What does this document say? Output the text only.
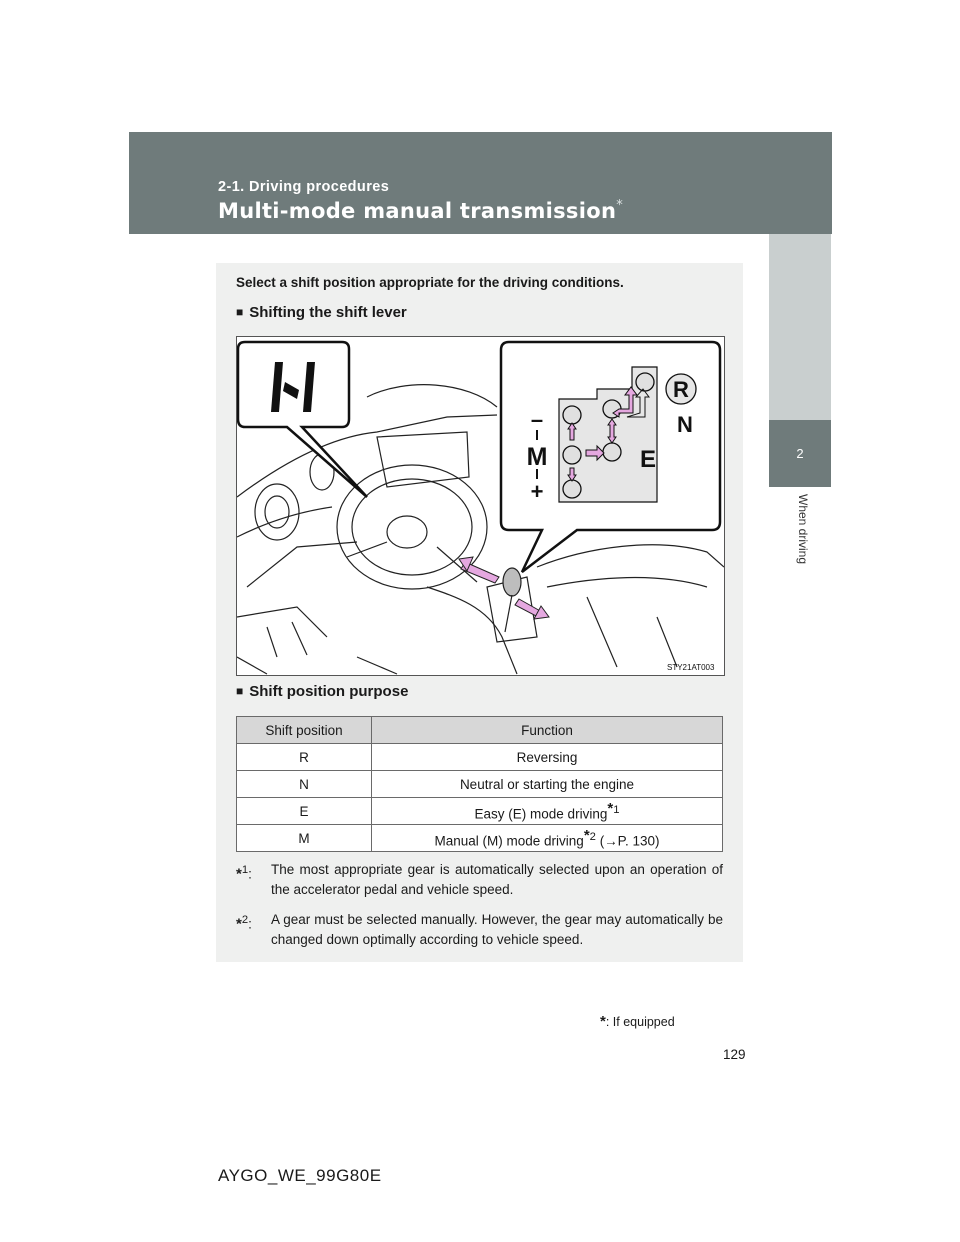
2-1. Driving procedures
Multi-mode manual transmission*
2
When driving
Select a shift position appropriate for the driving conditions.
■ Shifting the shift lever
R
N
E
–
M
+
STY21AT003
■ Shift position purpose
Shift position	Function
R	Reversing
N	Neutral or starting the engine
E	Easy (E) mode driving$^{*1}$
M	Manual (M) mode driving$^{*2}$ (→P. 130)
*$^1$: The most appropriate gear is automatically selected upon an operation of the accelerator pedal and vehicle speed.
*$^2$: A gear must be selected manually. However, the gear may automatically be changed down optimally according to vehicle speed.
*: If equipped
129
AYGO_WE_99G80E
